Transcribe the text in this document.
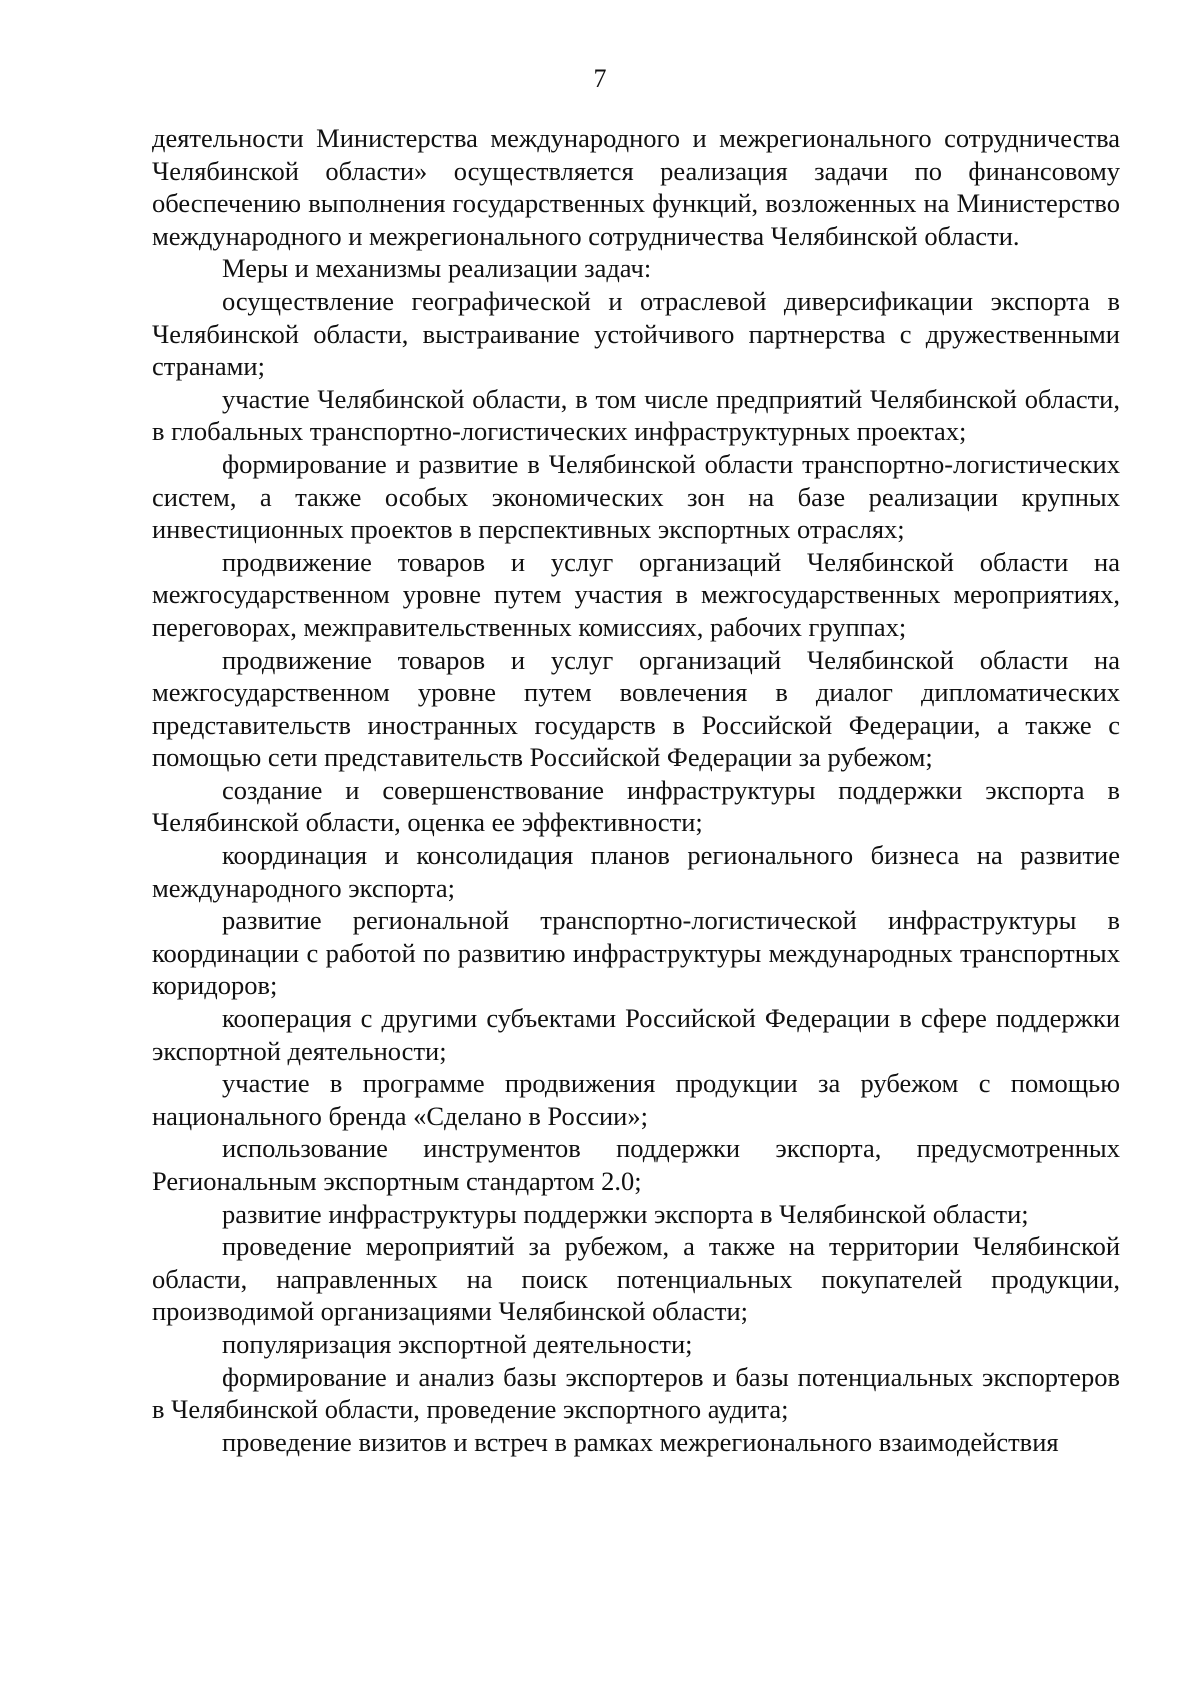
7

деятельности Министерства международного и межрегионального сотрудничества Челябинской области» осуществляется реализация задачи по финансовому обеспечению выполнения государственных функций, возложенных на Министерство международного и межрегионального сотрудничества Челябинской области.

Меры и механизмы реализации задач:

осуществление географической и отраслевой диверсификации экспорта в Челябинской области, выстраивание устойчивого партнерства с дружественными странами;

участие Челябинской области, в том числе предприятий Челябинской области, в глобальных транспортно-логистических инфраструктурных проектах;

формирование и развитие в Челябинской области транспортно-логистических систем, а также особых экономических зон на базе реализации крупных инвестиционных проектов в перспективных экспортных отраслях;

продвижение товаров и услуг организаций Челябинской области на межгосударственном уровне путем участия в межгосударственных мероприятиях, переговорах, межправительственных комиссиях, рабочих группах;

продвижение товаров и услуг организаций Челябинской области на межгосударственном уровне путем вовлечения в диалог дипломатических представительств иностранных государств в Российской Федерации, а также с помощью сети представительств Российской Федерации за рубежом;

создание и совершенствование инфраструктуры поддержки экспорта в Челябинской области, оценка ее эффективности;

координация и консолидация планов регионального бизнеса на развитие международного экспорта;

развитие региональной транспортно-логистической инфраструктуры в координации с работой по развитию инфраструктуры международных транспортных коридоров;

кооперация с другими субъектами Российской Федерации в сфере поддержки экспортной деятельности;

участие в программе продвижения продукции за рубежом с помощью национального бренда «Сделано в России»;

использование инструментов поддержки экспорта, предусмотренных Региональным экспортным стандартом 2.0;

развитие инфраструктуры поддержки экспорта в Челябинской области;

проведение мероприятий за рубежом, а также на территории Челябинской области, направленных на поиск потенциальных покупателей продукции, производимой организациями Челябинской области;

популяризация экспортной деятельности;

формирование и анализ базы экспортеров и базы потенциальных экспортеров в Челябинской области, проведение экспортного аудита;

проведение визитов и встреч в рамках межрегионального взаимодействия
